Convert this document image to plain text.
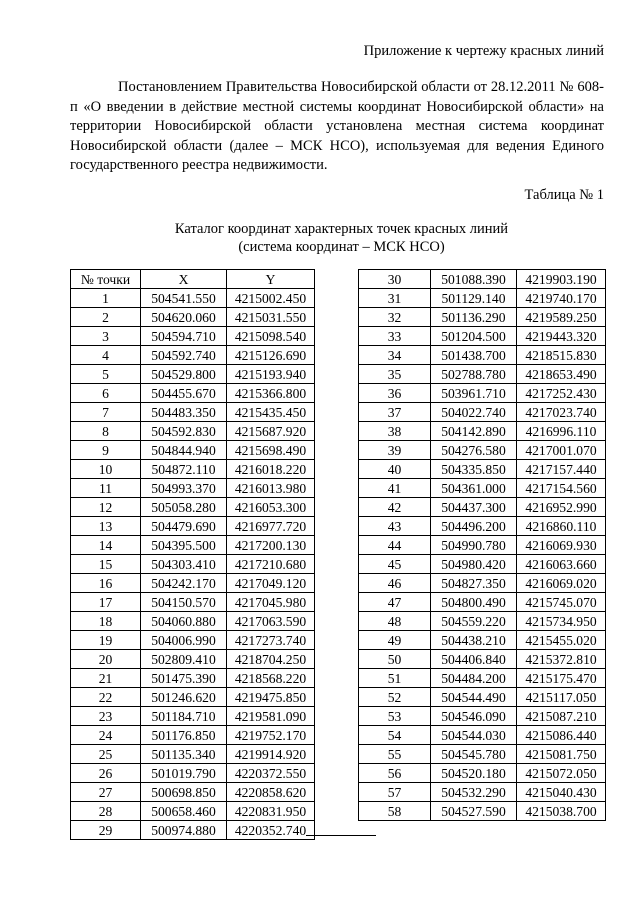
Приложение к чертежу красных линий

Постановлением Правительства Новосибирской области от 28.12.2011 № 608-п «О введении в действие местной системы координат Новосибирской области» на территории Новосибирской области установлена местная система координат Новосибирской области (далее – МСК НСО), используемая для ведения Единого государственного реестра недвижимости.

Таблица № 1

Каталог координат характерных точек красных линий
(система координат – МСК НСО)
№ точки	X	Y
1	504541.550	4215002.450
2	504620.060	4215031.550
3	504594.710	4215098.540
4	504592.740	4215126.690
5	504529.800	4215193.940
6	504455.670	4215366.800
7	504483.350	4215435.450
8	504592.830	4215687.920
9	504844.940	4215698.490
10	504872.110	4216018.220
11	504993.370	4216013.980
12	505058.280	4216053.300
13	504479.690	4216977.720
14	504395.500	4217200.130
15	504303.410	4217210.680
16	504242.170	4217049.120
17	504150.570	4217045.980
18	504060.880	4217063.590
19	504006.990	4217273.740
20	502809.410	4218704.250
21	501475.390	4218568.220
22	501246.620	4219475.850
23	501184.710	4219581.090
24	501176.850	4219752.170
25	501135.340	4219914.920
26	501019.790	4220372.550
27	500698.850	4220858.620
28	500658.460	4220831.950
29	500974.880	4220352.740
30	501088.390	4219903.190
31	501129.140	4219740.170
32	501136.290	4219589.250
33	501204.500	4219443.320
34	501438.700	4218515.830
35	502788.780	4218653.490
36	503961.710	4217252.430
37	504022.740	4217023.740
38	504142.890	4216996.110
39	504276.580	4217001.070
40	504335.850	4217157.440
41	504361.000	4217154.560
42	504437.300	4216952.990
43	504496.200	4216860.110
44	504990.780	4216069.930
45	504980.420	4216063.660
46	504827.350	4216069.020
47	504800.490	4215745.070
48	504559.220	4215734.950
49	504438.210	4215455.020
50	504406.840	4215372.810
51	504484.200	4215175.470
52	504544.490	4215117.050
53	504546.090	4215087.210
54	504544.030	4215086.440
55	504545.780	4215081.750
56	504520.180	4215072.050
57	504532.290	4215040.430
58	504527.590	4215038.700
